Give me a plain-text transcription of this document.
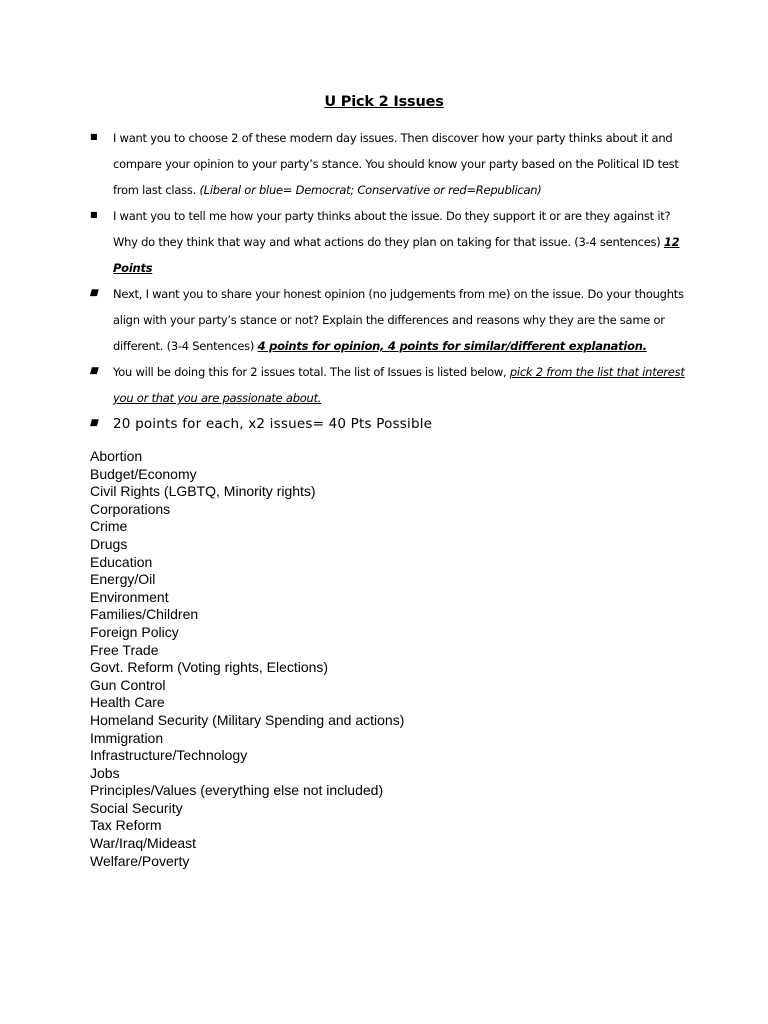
U Pick 2 Issues
■ I want you to choose 2 of these modern day issues. Then discover how your party thinks about it and compare your opinion to your party’s stance. You should know your party based on the Political ID test from last class. (Liberal or blue= Democrat; Conservative or red=Republican)
■ I want you to tell me how your party thinks about the issue. Do they support it or are they against it? Why do they think that way and what actions do they plan on taking for that issue. (3-4 sentences) 12 Points
■	Next, I want you to share your honest opinion (no judgements from me) on the issue. Do your thoughts align with your party’s stance or not? Explain the differences and reasons why they are the same or different. (3-4 Sentences) 4 points for opinion, 4 points for similar/different explanation.
■	You will be doing this for 2 issues total. The list of Issues is listed below, pick 2 from the list that interest you or that you are passionate about.
■ 20 points for each, x2 issues= 40 Pts Possible
Abortion
Budget/Economy
Civil Rights (LGBTQ, Minority rights)
Corporations
Crime
Drugs
Education
Energy/Oil
Environment
Families/Children
Foreign Policy
Free Trade
Govt. Reform (Voting rights, Elections)
Gun Control
Health Care
Homeland Security (Military Spending and actions)
Immigration
Infrastructure/Technology
Jobs
Principles/Values (everything else not included)
Social Security
Tax Reform
War/Iraq/Mideast
Welfare/Poverty
